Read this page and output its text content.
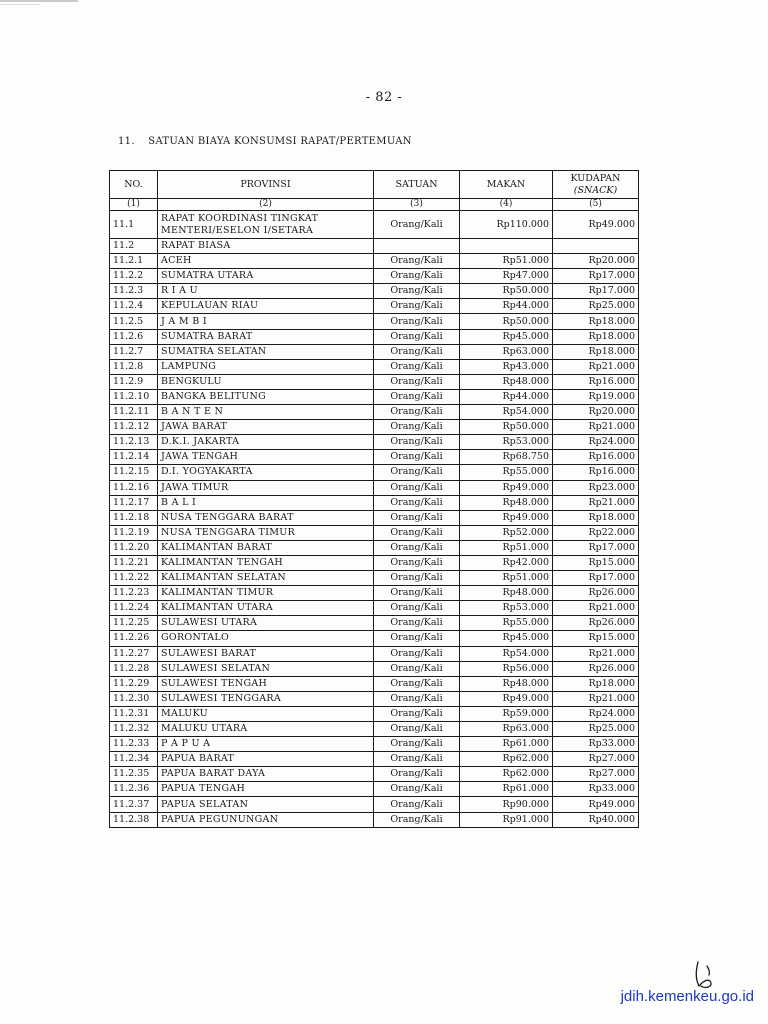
- 82 -
11. SATUAN BIAYA KONSUMSI RAPAT/PERTEMUAN
NO.	PROVINSI	SATUAN	MAKAN	KUDAPAN
(SNACK)
(1)	(2)	(3)	(4)	(5)
11.1	RAPAT KOORDINASI TINGKAT
MENTERI/ESELON I/SETARA	Orang/Kali	Rp110.000	Rp49.000
11.2	RAPAT BIASA			
11.2.1	ACEH	Orang/Kali	Rp51.000	Rp20.000
11.2.2	SUMATRA UTARA	Orang/Kali	Rp47.000	Rp17.000
11.2.3	R I A U	Orang/Kali	Rp50.000	Rp17.000
11.2.4	KEPULAUAN RIAU	Orang/Kali	Rp44.000	Rp25.000
11.2.5	J A M B I	Orang/Kali	Rp50.000	Rp18.000
11.2.6	SUMATRA BARAT	Orang/Kali	Rp45.000	Rp18.000
11.2.7	SUMATRA SELATAN	Orang/Kali	Rp63.000	Rp18.000
11.2.8	LAMPUNG	Orang/Kali	Rp43.000	Rp21.000
11.2.9	BENGKULU	Orang/Kali	Rp48.000	Rp16.000
11.2.10	BANGKA BELITUNG	Orang/Kali	Rp44.000	Rp19.000
11.2.11	B A N T E N	Orang/Kali	Rp54.000	Rp20.000
11.2.12	JAWA BARAT	Orang/Kali	Rp50.000	Rp21.000
11.2.13	D.K.I. JAKARTA	Orang/Kali	Rp53.000	Rp24.000
11.2.14	JAWA TENGAH	Orang/Kali	Rp68.750	Rp16.000
11.2.15	D.I. YOGYAKARTA	Orang/Kali	Rp55.000	Rp16.000
11.2.16	JAWA TIMUR	Orang/Kali	Rp49.000	Rp23.000
11.2.17	B A L I	Orang/Kali	Rp48.000	Rp21.000
11.2.18	NUSA TENGGARA BARAT	Orang/Kali	Rp49.000	Rp18.000
11.2.19	NUSA TENGGARA TIMUR	Orang/Kali	Rp52.000	Rp22.000
11.2.20	KALIMANTAN BARAT	Orang/Kali	Rp51.000	Rp17.000
11.2.21	KALIMANTAN TENGAH	Orang/Kali	Rp42.000	Rp15.000
11.2.22	KALIMANTAN SELATAN	Orang/Kali	Rp51.000	Rp17.000
11.2.23	KALIMANTAN TIMUR	Orang/Kali	Rp48.000	Rp26.000
11.2.24	KALIMANTAN UTARA	Orang/Kali	Rp53.000	Rp21.000
11.2.25	SULAWESI UTARA	Orang/Kali	Rp55.000	Rp26.000
11.2.26	GORONTALO	Orang/Kali	Rp45.000	Rp15.000
11.2.27	SULAWESI BARAT	Orang/Kali	Rp54.000	Rp21.000
11.2.28	SULAWESI SELATAN	Orang/Kali	Rp56.000	Rp26.000
11.2.29	SULAWESI TENGAH	Orang/Kali	Rp48.000	Rp18.000
11.2.30	SULAWESI TENGGARA	Orang/Kali	Rp49.000	Rp21.000
11.2.31	MALUKU	Orang/Kali	Rp59.000	Rp24.000
11.2.32	MALUKU UTARA	Orang/Kali	Rp63.000	Rp25.000
11.2.33	P A P U A	Orang/Kali	Rp61.000	Rp33.000
11.2.34	PAPUA BARAT	Orang/Kali	Rp62.000	Rp27.000
11.2.35	PAPUA BARAT DAYA	Orang/Kali	Rp62.000	Rp27.000
11.2.36	PAPUA TENGAH	Orang/Kali	Rp61.000	Rp33.000
11.2.37	PAPUA SELATAN	Orang/Kali	Rp90.000	Rp49.000
11.2.38	PAPUA PEGUNUNGAN	Orang/Kali	Rp91.000	Rp40.000
jdih.kemenkeu.go.id
